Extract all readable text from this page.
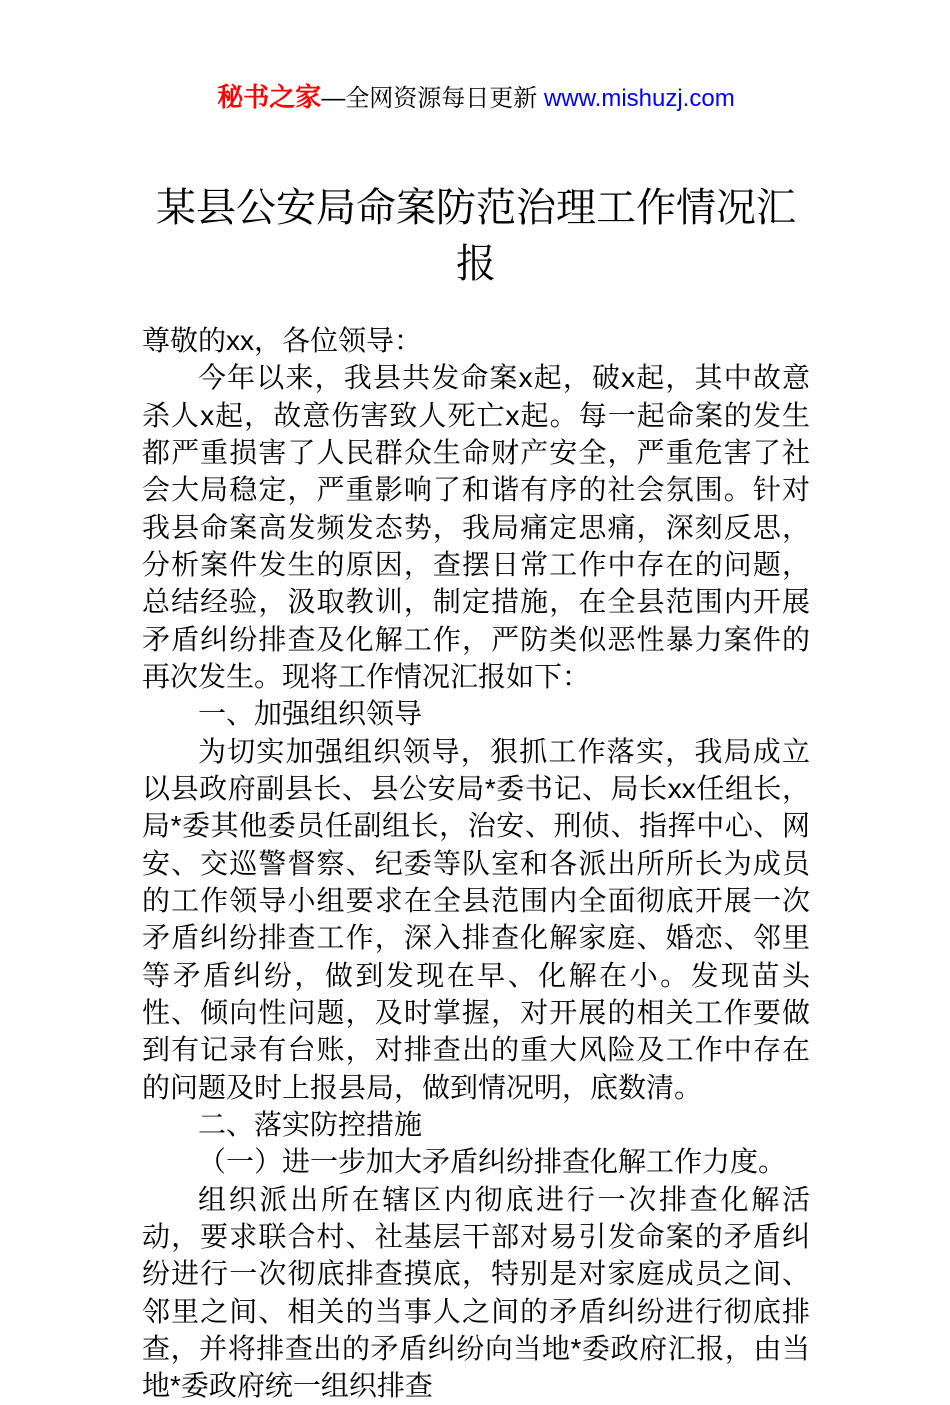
秘书之家—全网资源每日更新 www.mishuzj.com
某县公安局命案防范治理工作情况汇报

尊敬的xx，各位领导：

今年以来，我县共发命案x起，破x起，其中故意杀人x起，故意伤害致人死亡x起。每一起命案的发生都严重损害了人民群众生命财产安全，严重危害了社会大局稳定，严重影响了和谐有序的社会氛围。针对我县命案高发频发态势，我局痛定思痛，深刻反思，分析案件发生的原因，查摆日常工作中存在的问题，总结经验，汲取教训，制定措施，在全县范围内开展矛盾纠纷排查及化解工作，严防类似恶性暴力案件的再次发生。现将工作情况汇报如下：

一、加强组织领导

为切实加强组织领导，狠抓工作落实，我局成立以县政府副县长、县公安局*委书记、局长xx任组长，局*委其他委员任副组长，治安、刑侦、指挥中心、网安、交巡警督察、纪委等队室和各派出所所长为成员的工作领导小组要求在全县范围内全面彻底开展一次矛盾纠纷排查工作，深入排查化解家庭、婚恋、邻里等矛盾纠纷，做到发现在早、化解在小。发现苗头性、倾向性问题，及时掌握，对开展的相关工作要做到有记录有台账，对排查出的重大风险及工作中存在的问题及时上报县局，做到情况明，底数清。

二、落实防控措施

（一）进一步加大矛盾纠纷排查化解工作力度。

组织派出所在辖区内彻底进行一次排查化解活动，要求联合村、社基层干部对易引发命案的矛盾纠纷进行一次彻底排查摸底，特别是对家庭成员之间、邻里之间、相关的当事人之间的矛盾纠纷进行彻底排查，并将排查出的矛盾纠纷向当地*委政府汇报，由当地*委政府统一组织排查
